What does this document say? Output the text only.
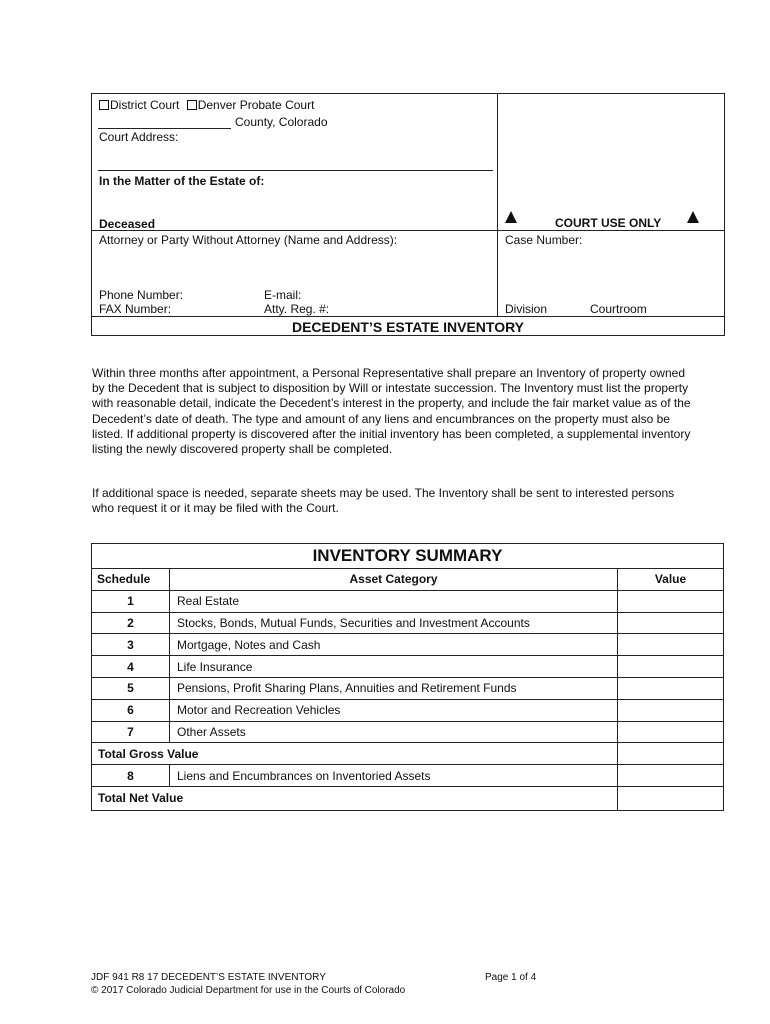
District Court Denver Probate Court
County, Colorado
Court Address:
In the Matter of the Estate of:
Deceased	COURT USE ONLY
Attorney or Party Without Attorney (Name and Address):	Case Number:
Phone Number:	E-mail:
FAX Number:	Atty. Reg. #:	Division	Courtroom
DECEDENT’S ESTATE INVENTORY
Within three months after appointment, a Personal Representative shall prepare an Inventory of property owned
by the Decedent that is subject to disposition by Will or intestate succession. The Inventory must list the property
with reasonable detail, indicate the Decedent’s interest in the property, and include the fair market value as of the
Decedent’s date of death. The type and amount of any liens and encumbrances on the property must also be
listed. If additional property is discovered after the initial inventory has been completed, a supplemental inventory
listing the newly discovered property shall be completed.
If additional space is needed, separate sheets may be used. The Inventory shall be sent to interested persons
who request it or it may be filed with the Court.
INVENTORY SUMMARY
Schedule	Asset Category	Value
1	Real Estate	
2	Stocks, Bonds, Mutual Funds, Securities and Investment Accounts	
3	Mortgage, Notes and Cash	
4	Life Insurance	
5	Pensions, Profit Sharing Plans, Annuities and Retirement Funds	
6	Motor and Recreation Vehicles	
7	Other Assets	
Total Gross Value		
8	Liens and Encumbrances on Inventoried Assets	
Total Net Value		
JDF 941 R8 17 DECEDENT’S ESTATE INVENTORY	Page 1 of 4
© 2017 Colorado Judicial Department for use in the Courts of Colorado
